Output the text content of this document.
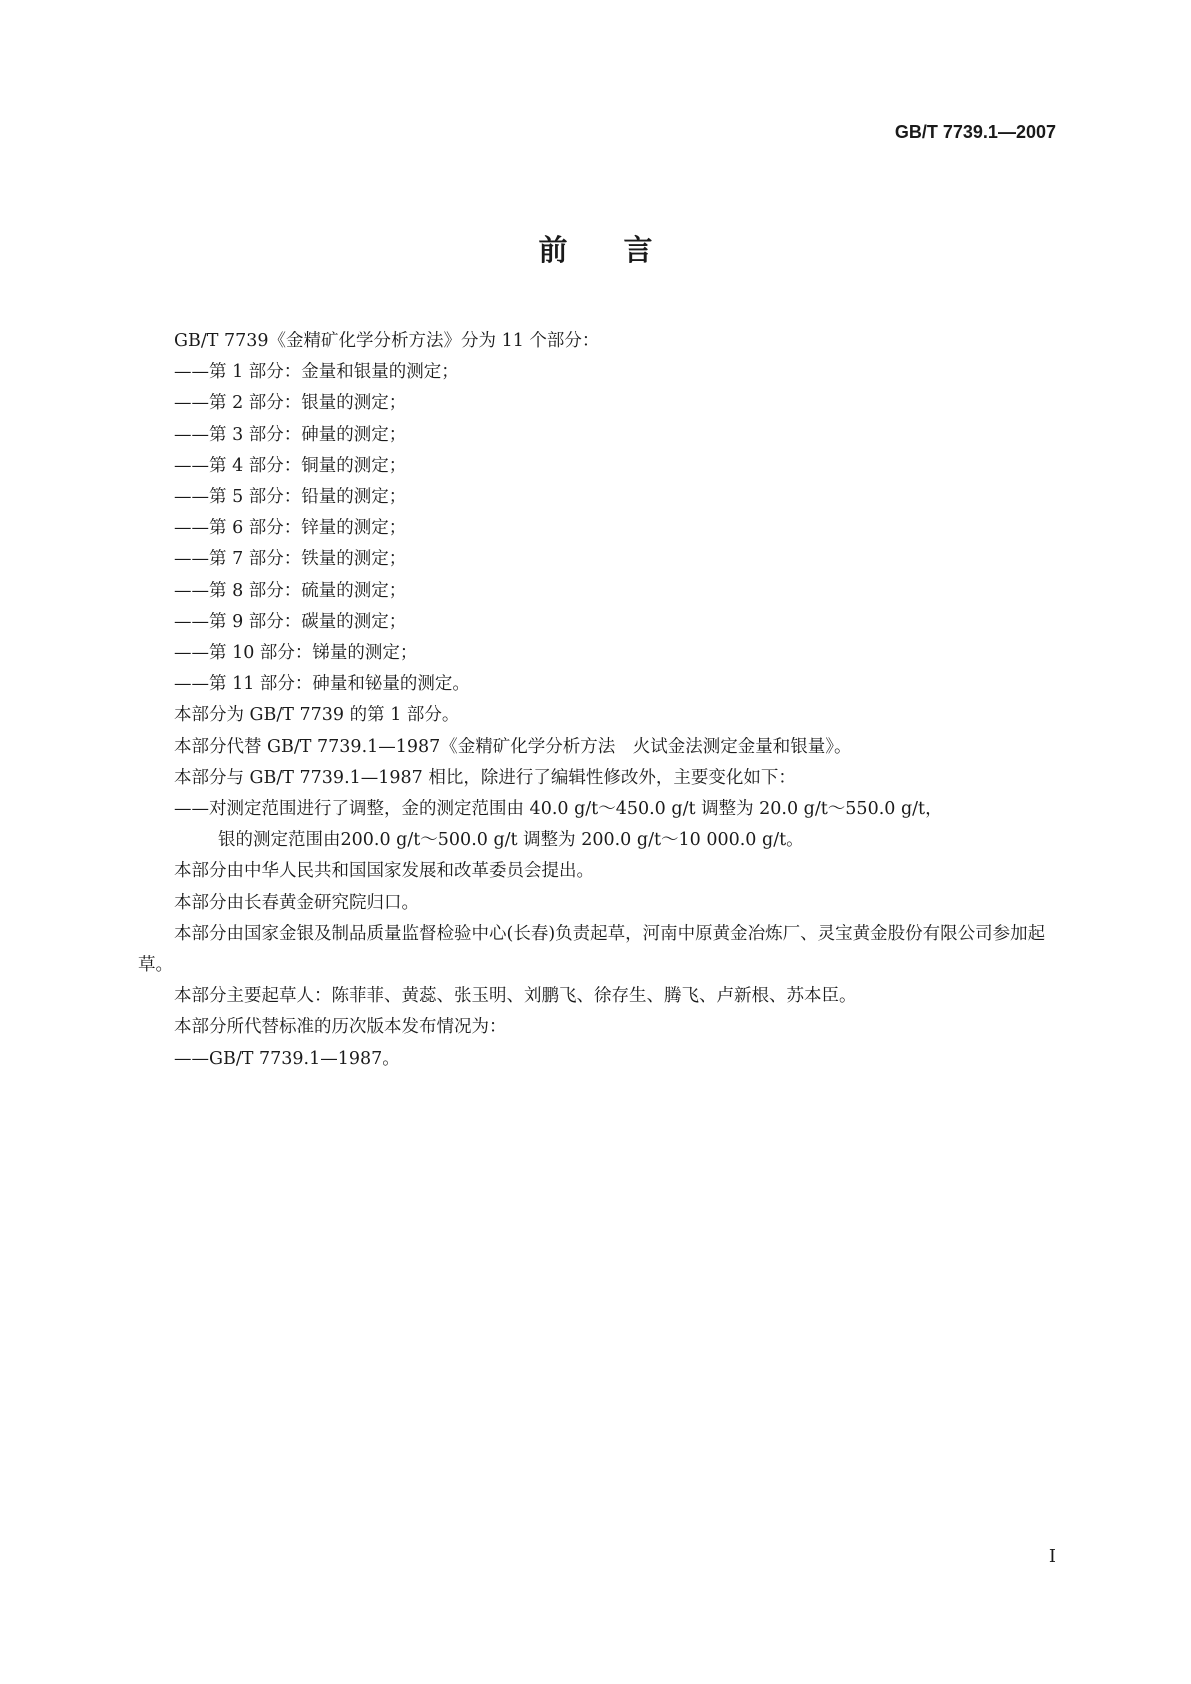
GB/T 7739.1—2007
前言

GB/T 7739《金精矿化学分析方法》分为 11 个部分：

——第 1 部分：金量和银量的测定；

——第 2 部分：银量的测定；

——第 3 部分：砷量的测定；

——第 4 部分：铜量的测定；

——第 5 部分：铅量的测定；

——第 6 部分：锌量的测定；

——第 7 部分：铁量的测定；

——第 8 部分：硫量的测定；

——第 9 部分：碳量的测定；

——第 10 部分：锑量的测定；

——第 11 部分：砷量和铋量的测定。

本部分为 GB/T 7739 的第 1 部分。

本部分代替 GB/T 7739.1—1987《金精矿化学分析方法　火试金法测定金量和银量》。

本部分与 GB/T 7739.1—1987 相比，除进行了编辑性修改外，主要变化如下：

——对测定范围进行了调整，金的测定范围由 40.0 g/t～450.0 g/t 调整为 20.0 g/t～550.0 g/t，

银的测定范围由200.0 g/t～500.0 g/t 调整为 200.0 g/t～10 000.0 g/t。

本部分由中华人民共和国国家发展和改革委员会提出。

本部分由长春黄金研究院归口。

本部分由国家金银及制品质量监督检验中心(长春)负责起草，河南中原黄金冶炼厂、灵宝黄金股份有限公司参加起草。

本部分主要起草人：陈菲菲、黄蕊、张玉明、刘鹏飞、徐存生、腾飞、卢新根、苏本臣。

本部分所代替标准的历次版本发布情况为：

——GB/T 7739.1—1987。

I
